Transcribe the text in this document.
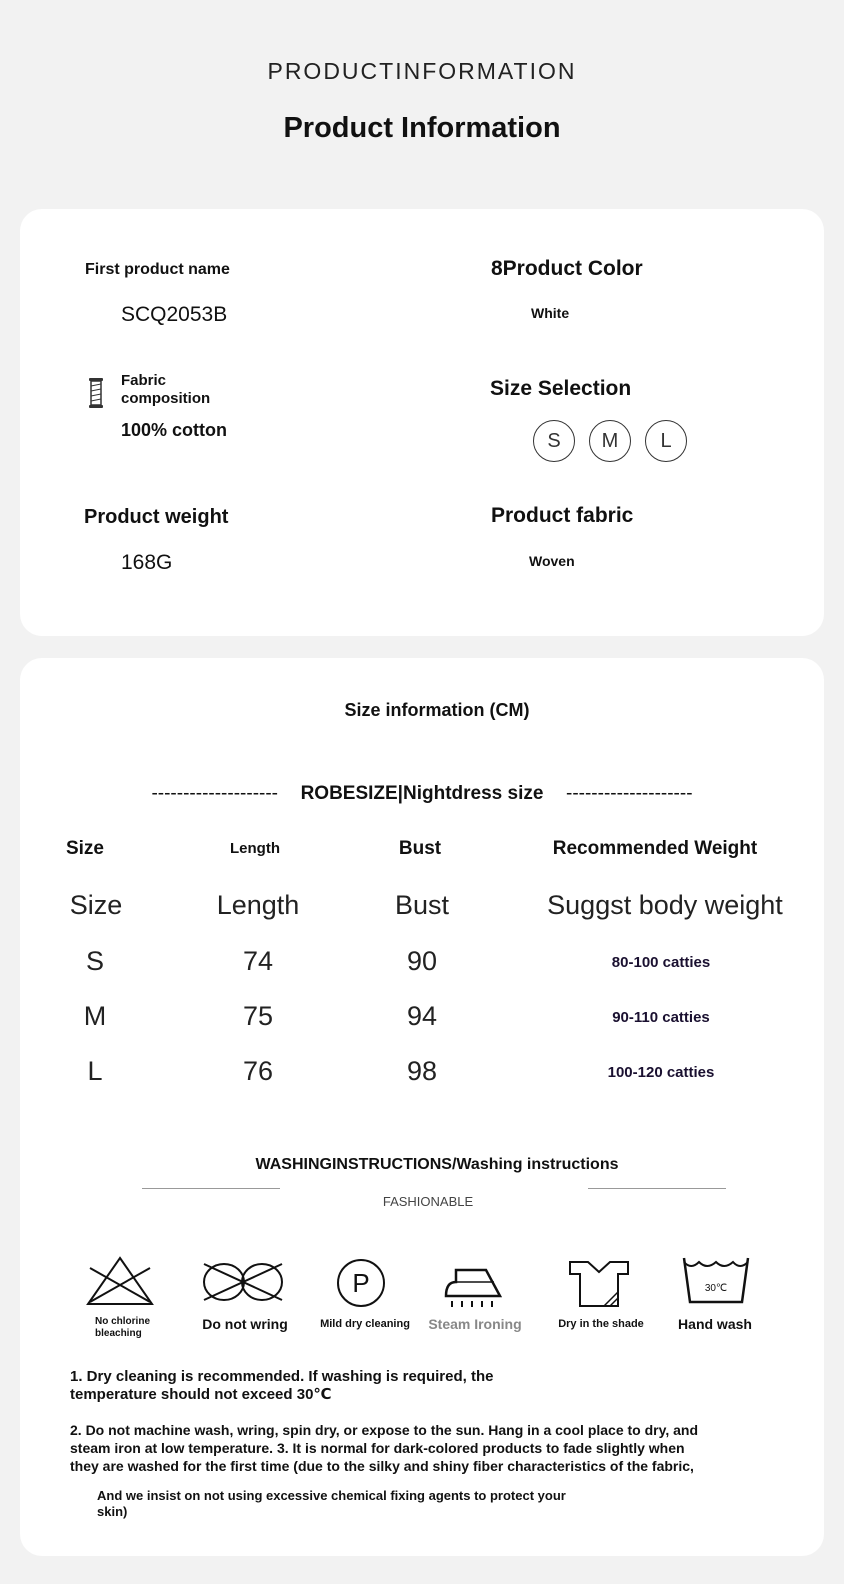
PRODUCTINFORMATION
Product Information
First product name
SCQ2053B
Fabric
composition
100% cotton
Product weight
168G
8Product Color
White
Size Selection
S	M	L
Product fabric
Woven
Size information (CM)
-------------------- ROBESIZE|Nightdress size --------------------
Size	Length	Bust	Recommended Weight
Size	Length	Bust	Suggst body weight
S	74	90	80-100 catties
M	75	94	90-110 catties
L	76	98	100-120 catties
WASHINGINSTRUCTIONS/Washing instructions
FASHIONABLE
No chlorine
bleaching
Do not wring
P
Mild dry cleaning	Steam Ironing	Dry in the shade
30℃
Hand wash
1. Dry cleaning is recommended. If washing is required, the
temperature should not exceed 30℃
2. Do not machine wash, wring, spin dry, or expose to the sun. Hang in a cool place to dry, and
steam iron at low temperature. 3. It is normal for dark-colored products to fade slightly when
they are washed for the first time (due to the silky and shiny fiber characteristics of the fabric,
And we insist on not using excessive chemical fixing agents to protect your
skin)
